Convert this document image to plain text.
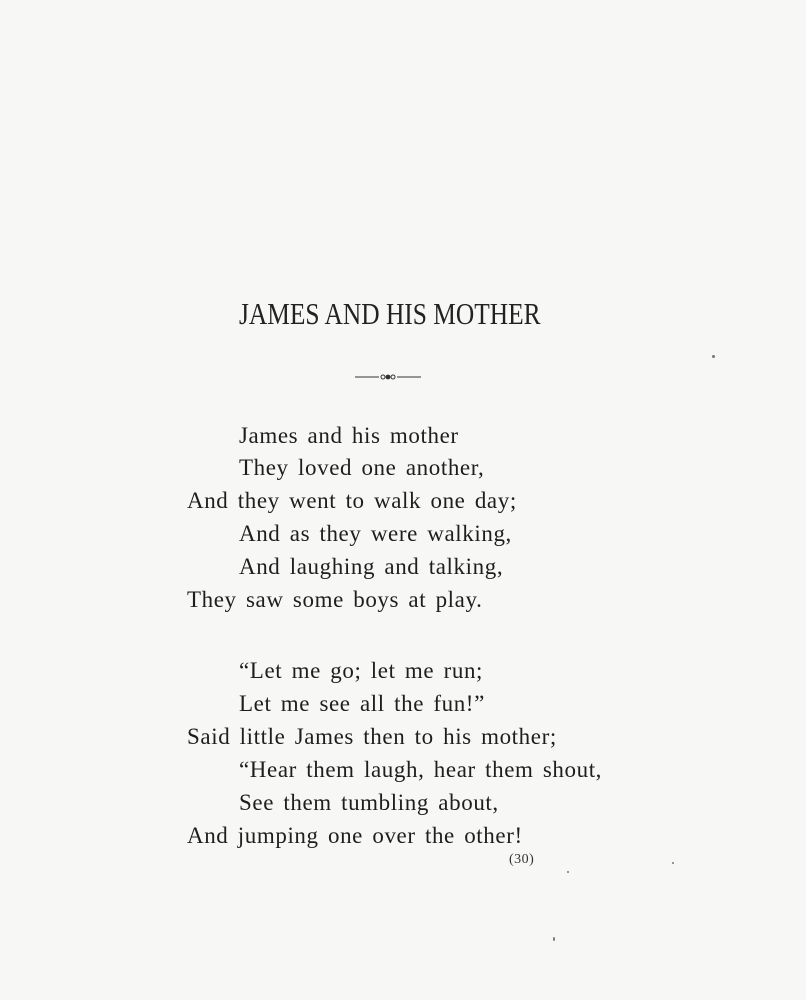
JAMES AND HIS MOTHER
James and his mother
They loved one another,
And they went to walk one day;
And as they were walking,
And laughing and talking,
They saw some boys at play.
“Let me go; let me run;
Let me see all the fun!”
Said little James then to his mother;
“Hear them laugh, hear them shout,
See them tumbling about,
And jumping one over the other!
(30)
